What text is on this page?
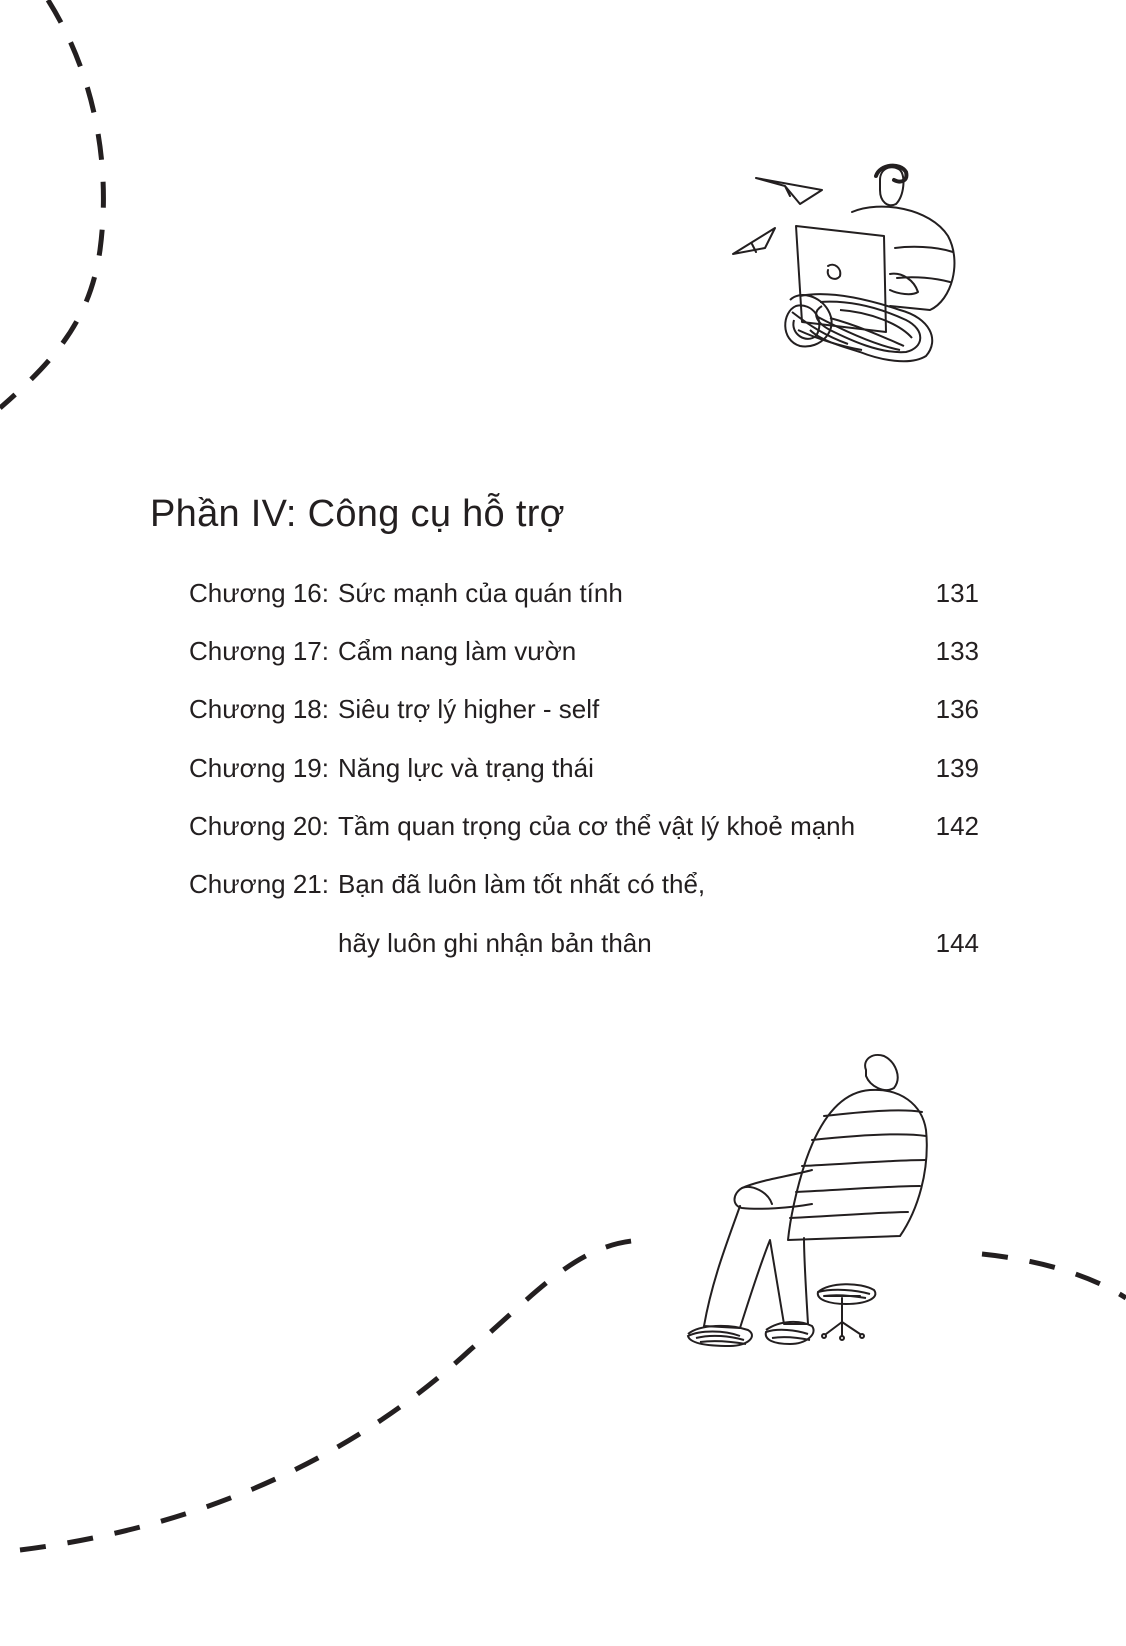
Phần IV: Công cụ hỗ trợ
Chương 16: Sức mạnh của quán tính	131
Chương 17: Cẩm nang làm vườn	133
Chương 18: Siêu trợ lý higher - self	136
Chương 19: Năng lực và trạng thái	139
Chương 20: Tầm quan trọng của cơ thể vật lý khoẻ mạnh	142
Chương 21: Bạn đã luôn làm tốt nhất có thể,
hãy luôn ghi nhận bản thân	144
